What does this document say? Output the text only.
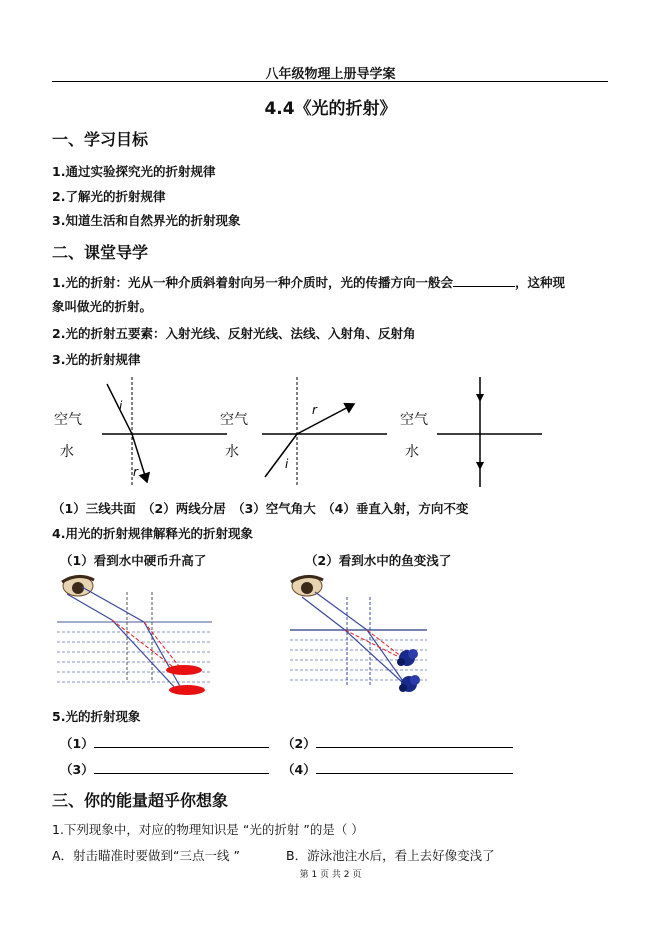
八年级物理上册导学案
4.4《光的折射》
一、学习目标
1.通过实验探究光的折射规律
2.了解光的折射规律
3.知道生活和自然界光的折射现象
二、课堂导学
1.光的折射：光从一种介质斜着射向另一种介质时，光的传播方向一般会	，这种现
象叫做光的折射。
2.光的折射五要素：入射光线、反射光线、法线、入射角、反射角
3.光的折射规律
空气
水
i
r
空气
水
r
i
空气
水
（1）三线共面 （2）两线分居 （3）空气角大 （4）垂直入射，方向不变
4.用光的折射规律解释光的折射现象
（1）看到水中硬币升高了	（2）看到水中的鱼变浅了
5.光的折射现象
（1）	（2）
（3）	（4）
三、你的能量超乎你想象
1.下列现象中，对应的物理知识是 “光的折射 ”的是（ ）
A．射击瞄准时要做到“三点一线 ”	B．游泳池注水后，看上去好像变浅了
第 1 页 共 2 页
